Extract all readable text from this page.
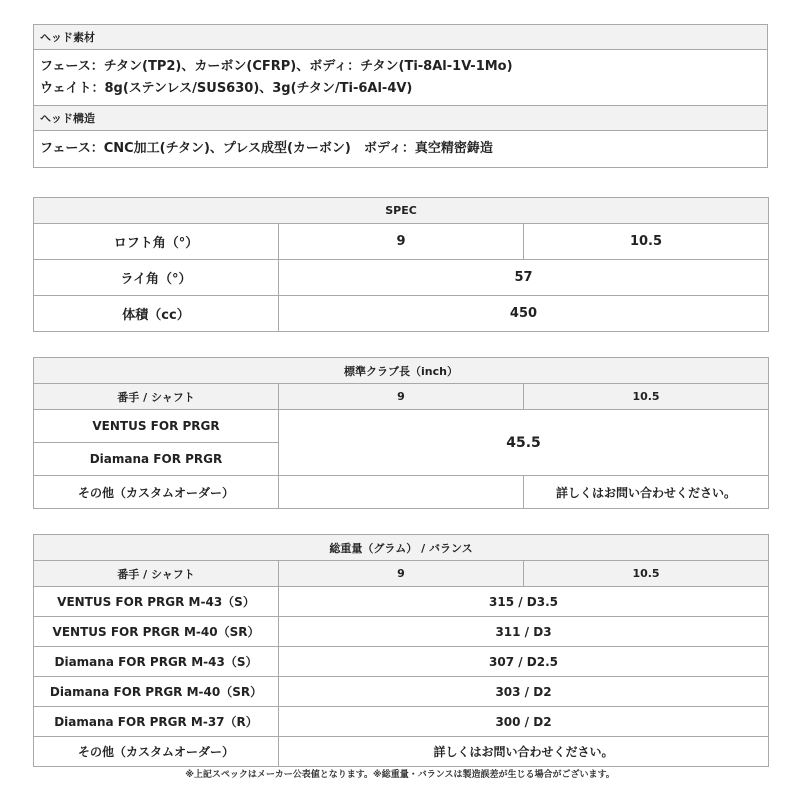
ヘッド素材

フェース：チタン(TP2)、カーボン(CFRP)、ボディ：チタン(Ti-8Al-1V-1Mo)
ウェイト：8g(ステンレス/SUS630)、3g(チタン/Ti-6Al-4V)

ヘッド構造
フェース：CNC加工(チタン)、プレス成型(カーボン)　ボディ：真空精密鋳造
SPEC		
ロフト角（°）	9	10.5
ライ角（°）	57	
体積（cc）	450	
標準クラブ長（inch）		
番手 / シャフト	9	10.5
VENTUS FOR PRGR	45.5	
Diamana FOR PRGR		
その他（カスタムオーダー）		詳しくはお問い合わせください。
総重量（グラム） / バランス		
番手 / シャフト	9	10.5
VENTUS FOR PRGR M-43（S）	315 / D3.5	
VENTUS FOR PRGR M-40（SR）	311 / D3	
Diamana FOR PRGR M-43（S）	307 / D2.5	
Diamana FOR PRGR M-40（SR）	303 / D2	
Diamana FOR PRGR M-37（R）	300 / D2	
その他（カスタムオーダー）	詳しくはお問い合わせください。	
※上記スペックはメーカー公表値となります。※総重量・バランスは製造誤差が生じる場合がございます。
